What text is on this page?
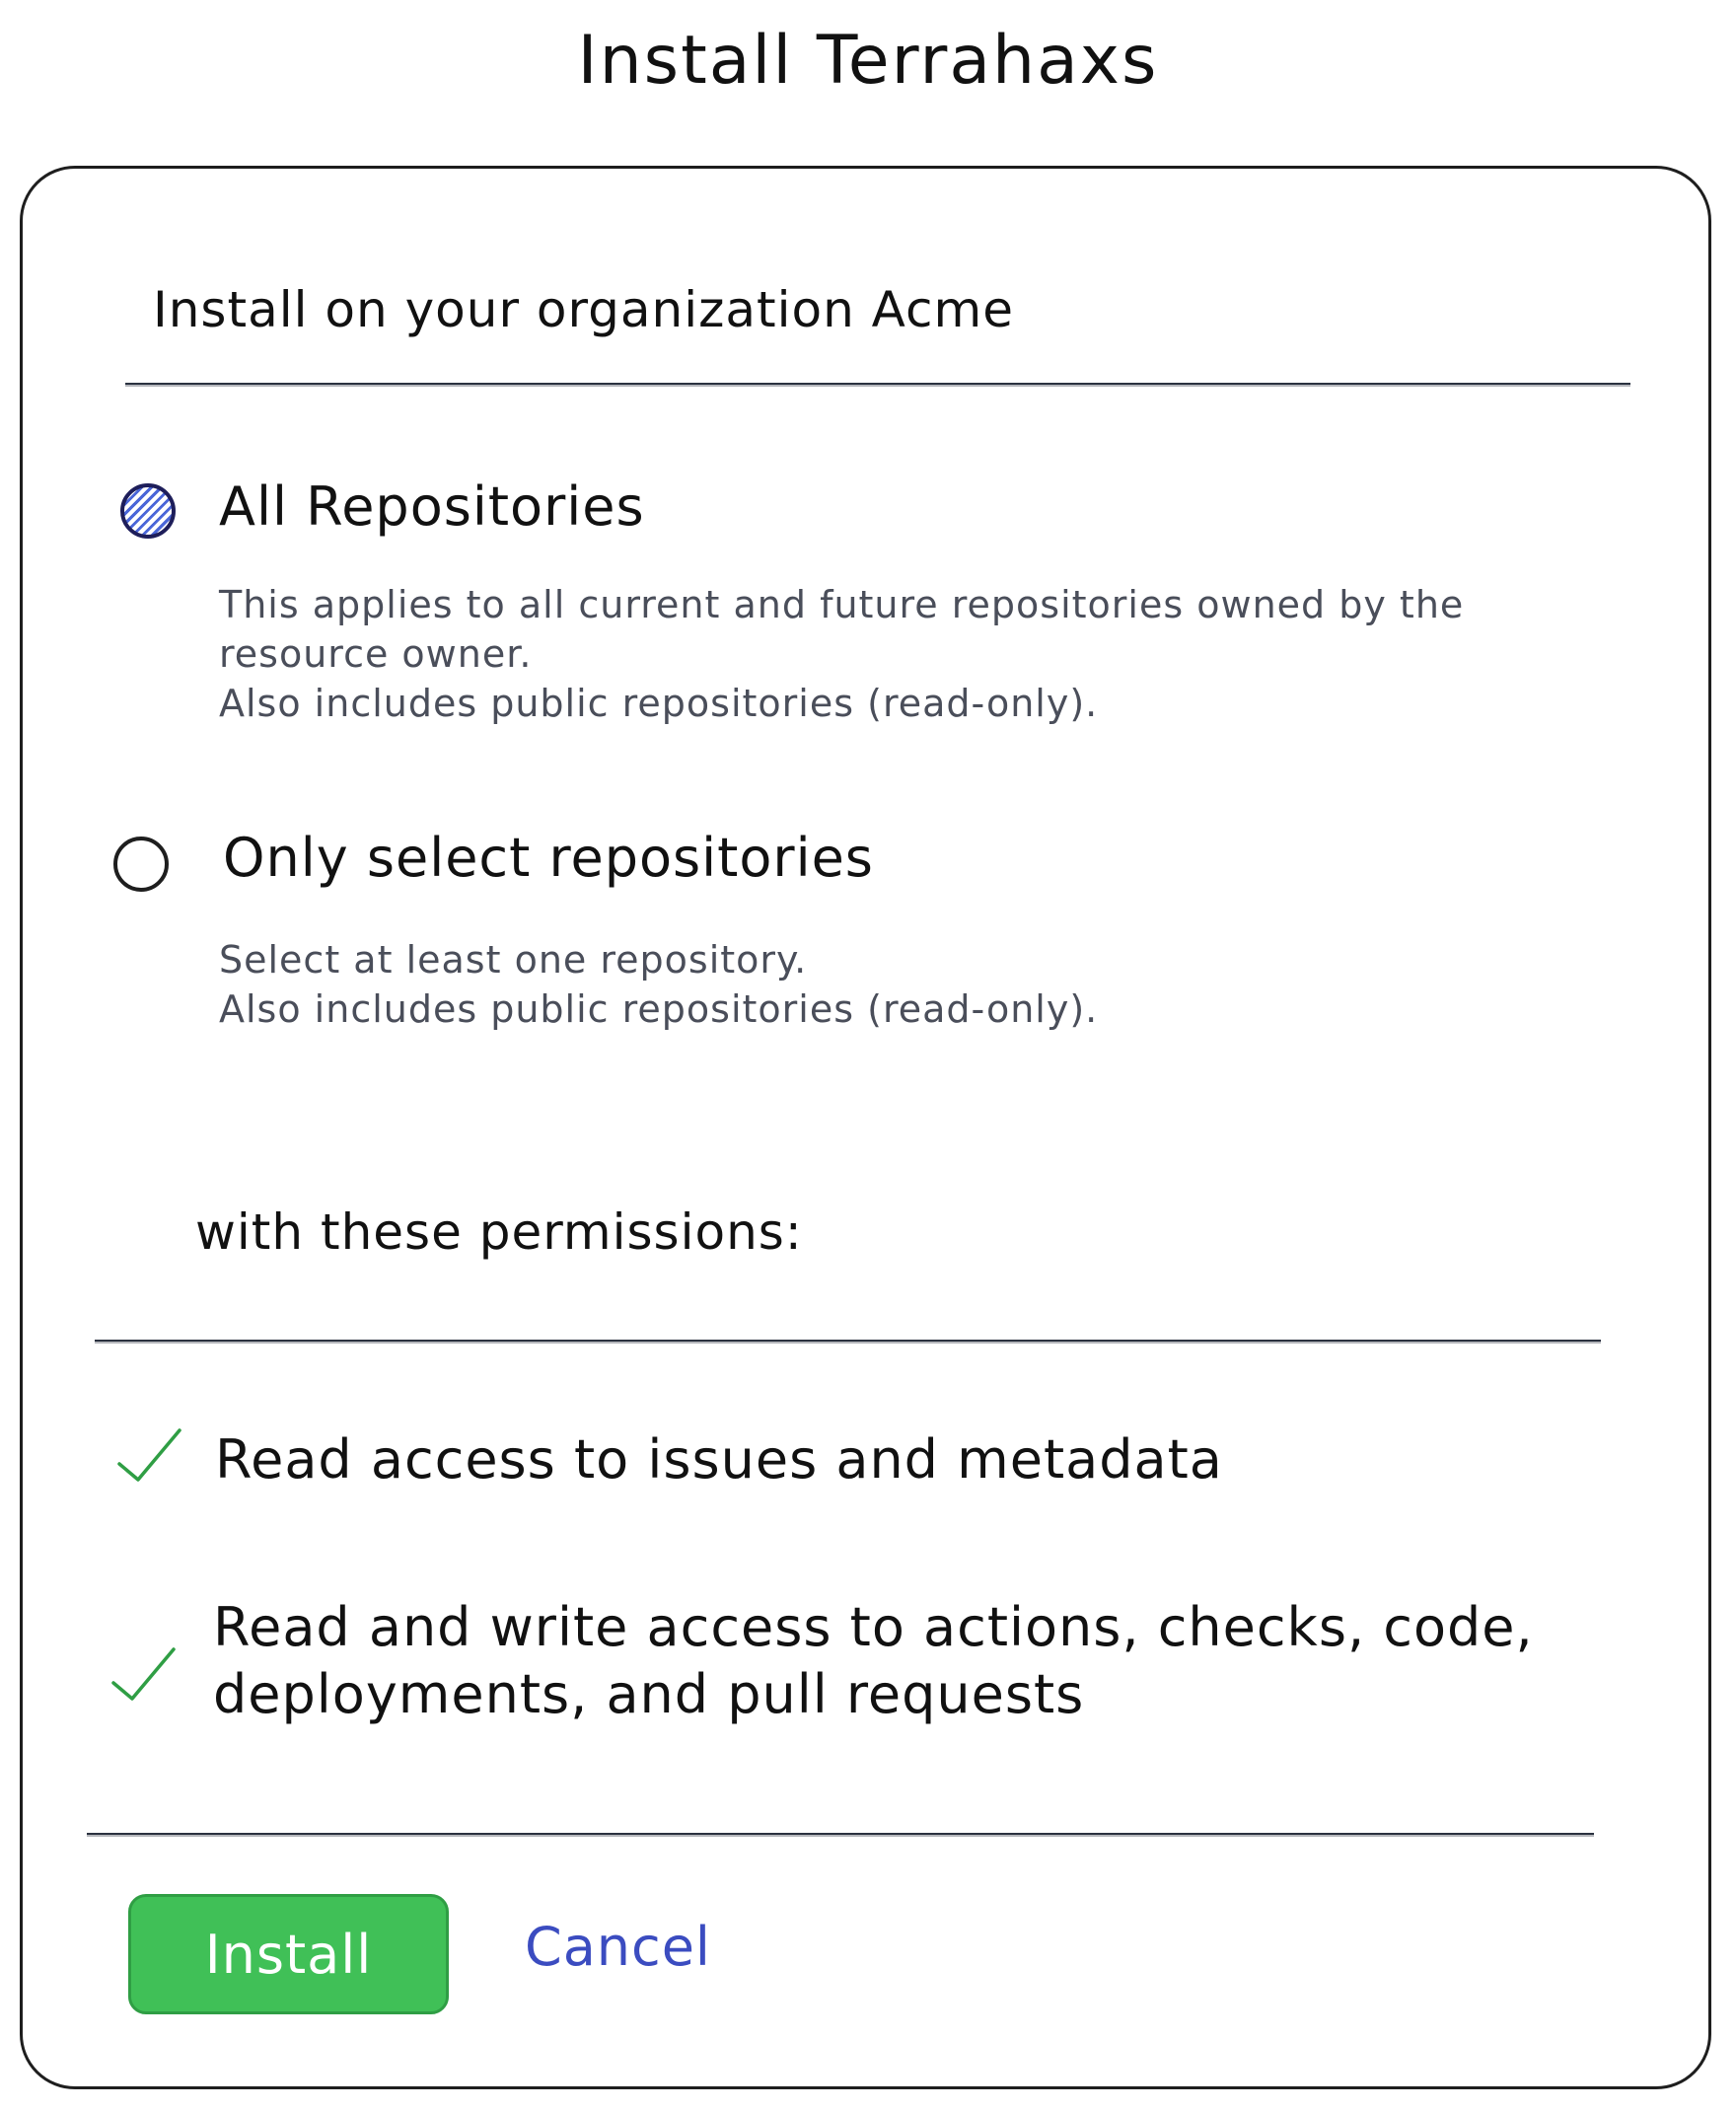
Install Terrahaxs
Install on your organization Acme
All Repositories
This applies to all current and future repositories owned by the
resource owner.
Also includes public repositories (read-only).
Only select repositories
Select at least one repository.
Also includes public repositories (read-only).
with these permissions:
Read access to issues and metadata
Read and write access to actions, checks, code,
deployments, and pull requests
Install	Cancel
